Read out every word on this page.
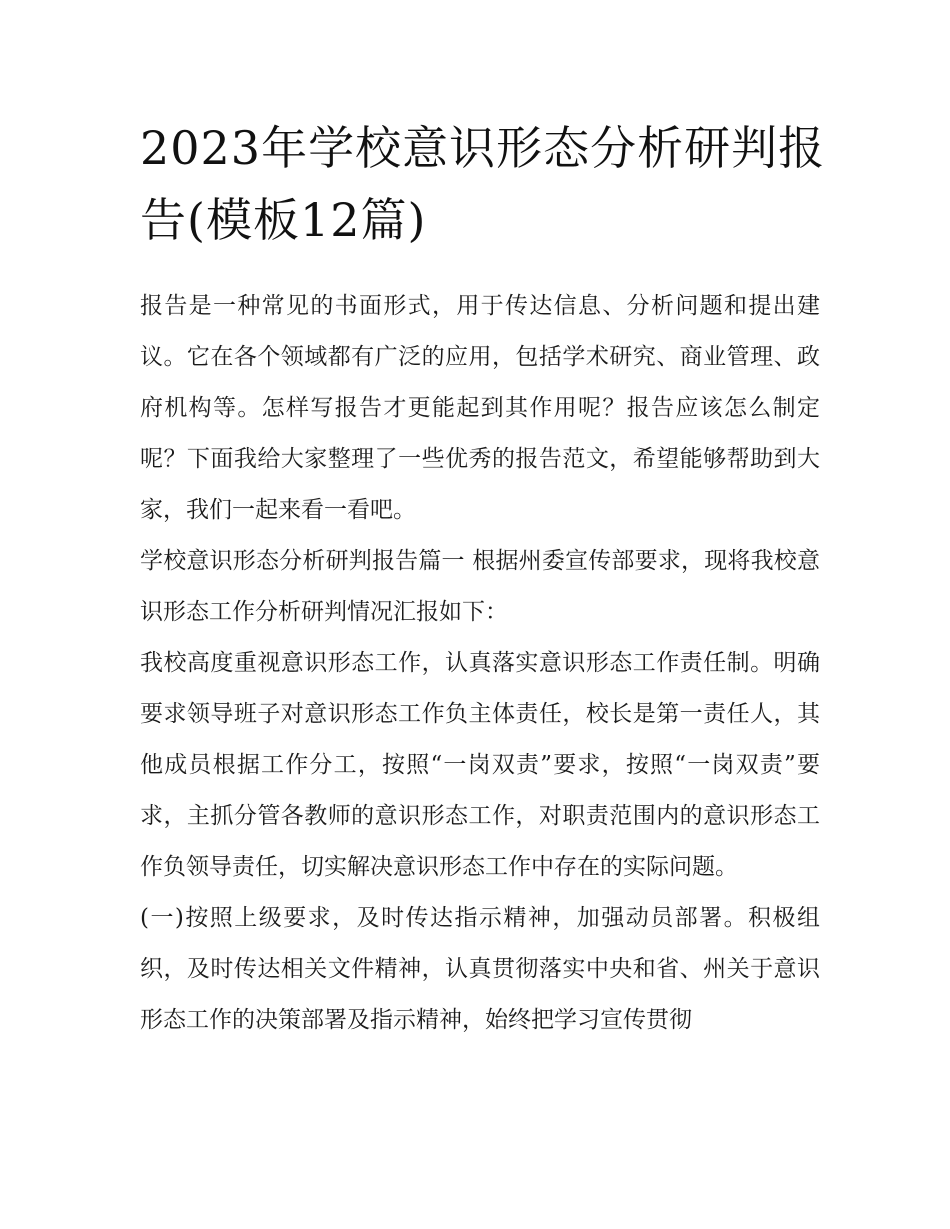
2023年学校意识形态分析研判报告(模板12篇)

报告是一种常见的书面形式，用于传达信息、分析问题和提出建议。它在各个领域都有广泛的应用，包括学术研究、商业管理、政府机构等。怎样写报告才更能起到其作用呢？报告应该怎么制定呢？下面我给大家整理了一些优秀的报告范文，希望能够帮助到大家，我们一起来看一看吧。

学校意识形态分析研判报告篇一 根据州委宣传部要求，现将我校意识形态工作分析研判情况汇报如下：

我校高度重视意识形态工作，认真落实意识形态工作责任制。明确要求领导班子对意识形态工作负主体责任，校长是第一责任人，其他成员根据工作分工，按照“一岗双责”要求，按照“一岗双责”要求，主抓分管各教师的意识形态工作，对职责范围内的意识形态工作负领导责任，切实解决意识形态工作中存在的实际问题。

(一)按照上级要求，及时传达指示精神，加强动员部署。积极组织，及时传达相关文件精神，认真贯彻落实中央和省、州关于意识形态工作的决策部署及指示精神，始终把学习宣传贯彻
